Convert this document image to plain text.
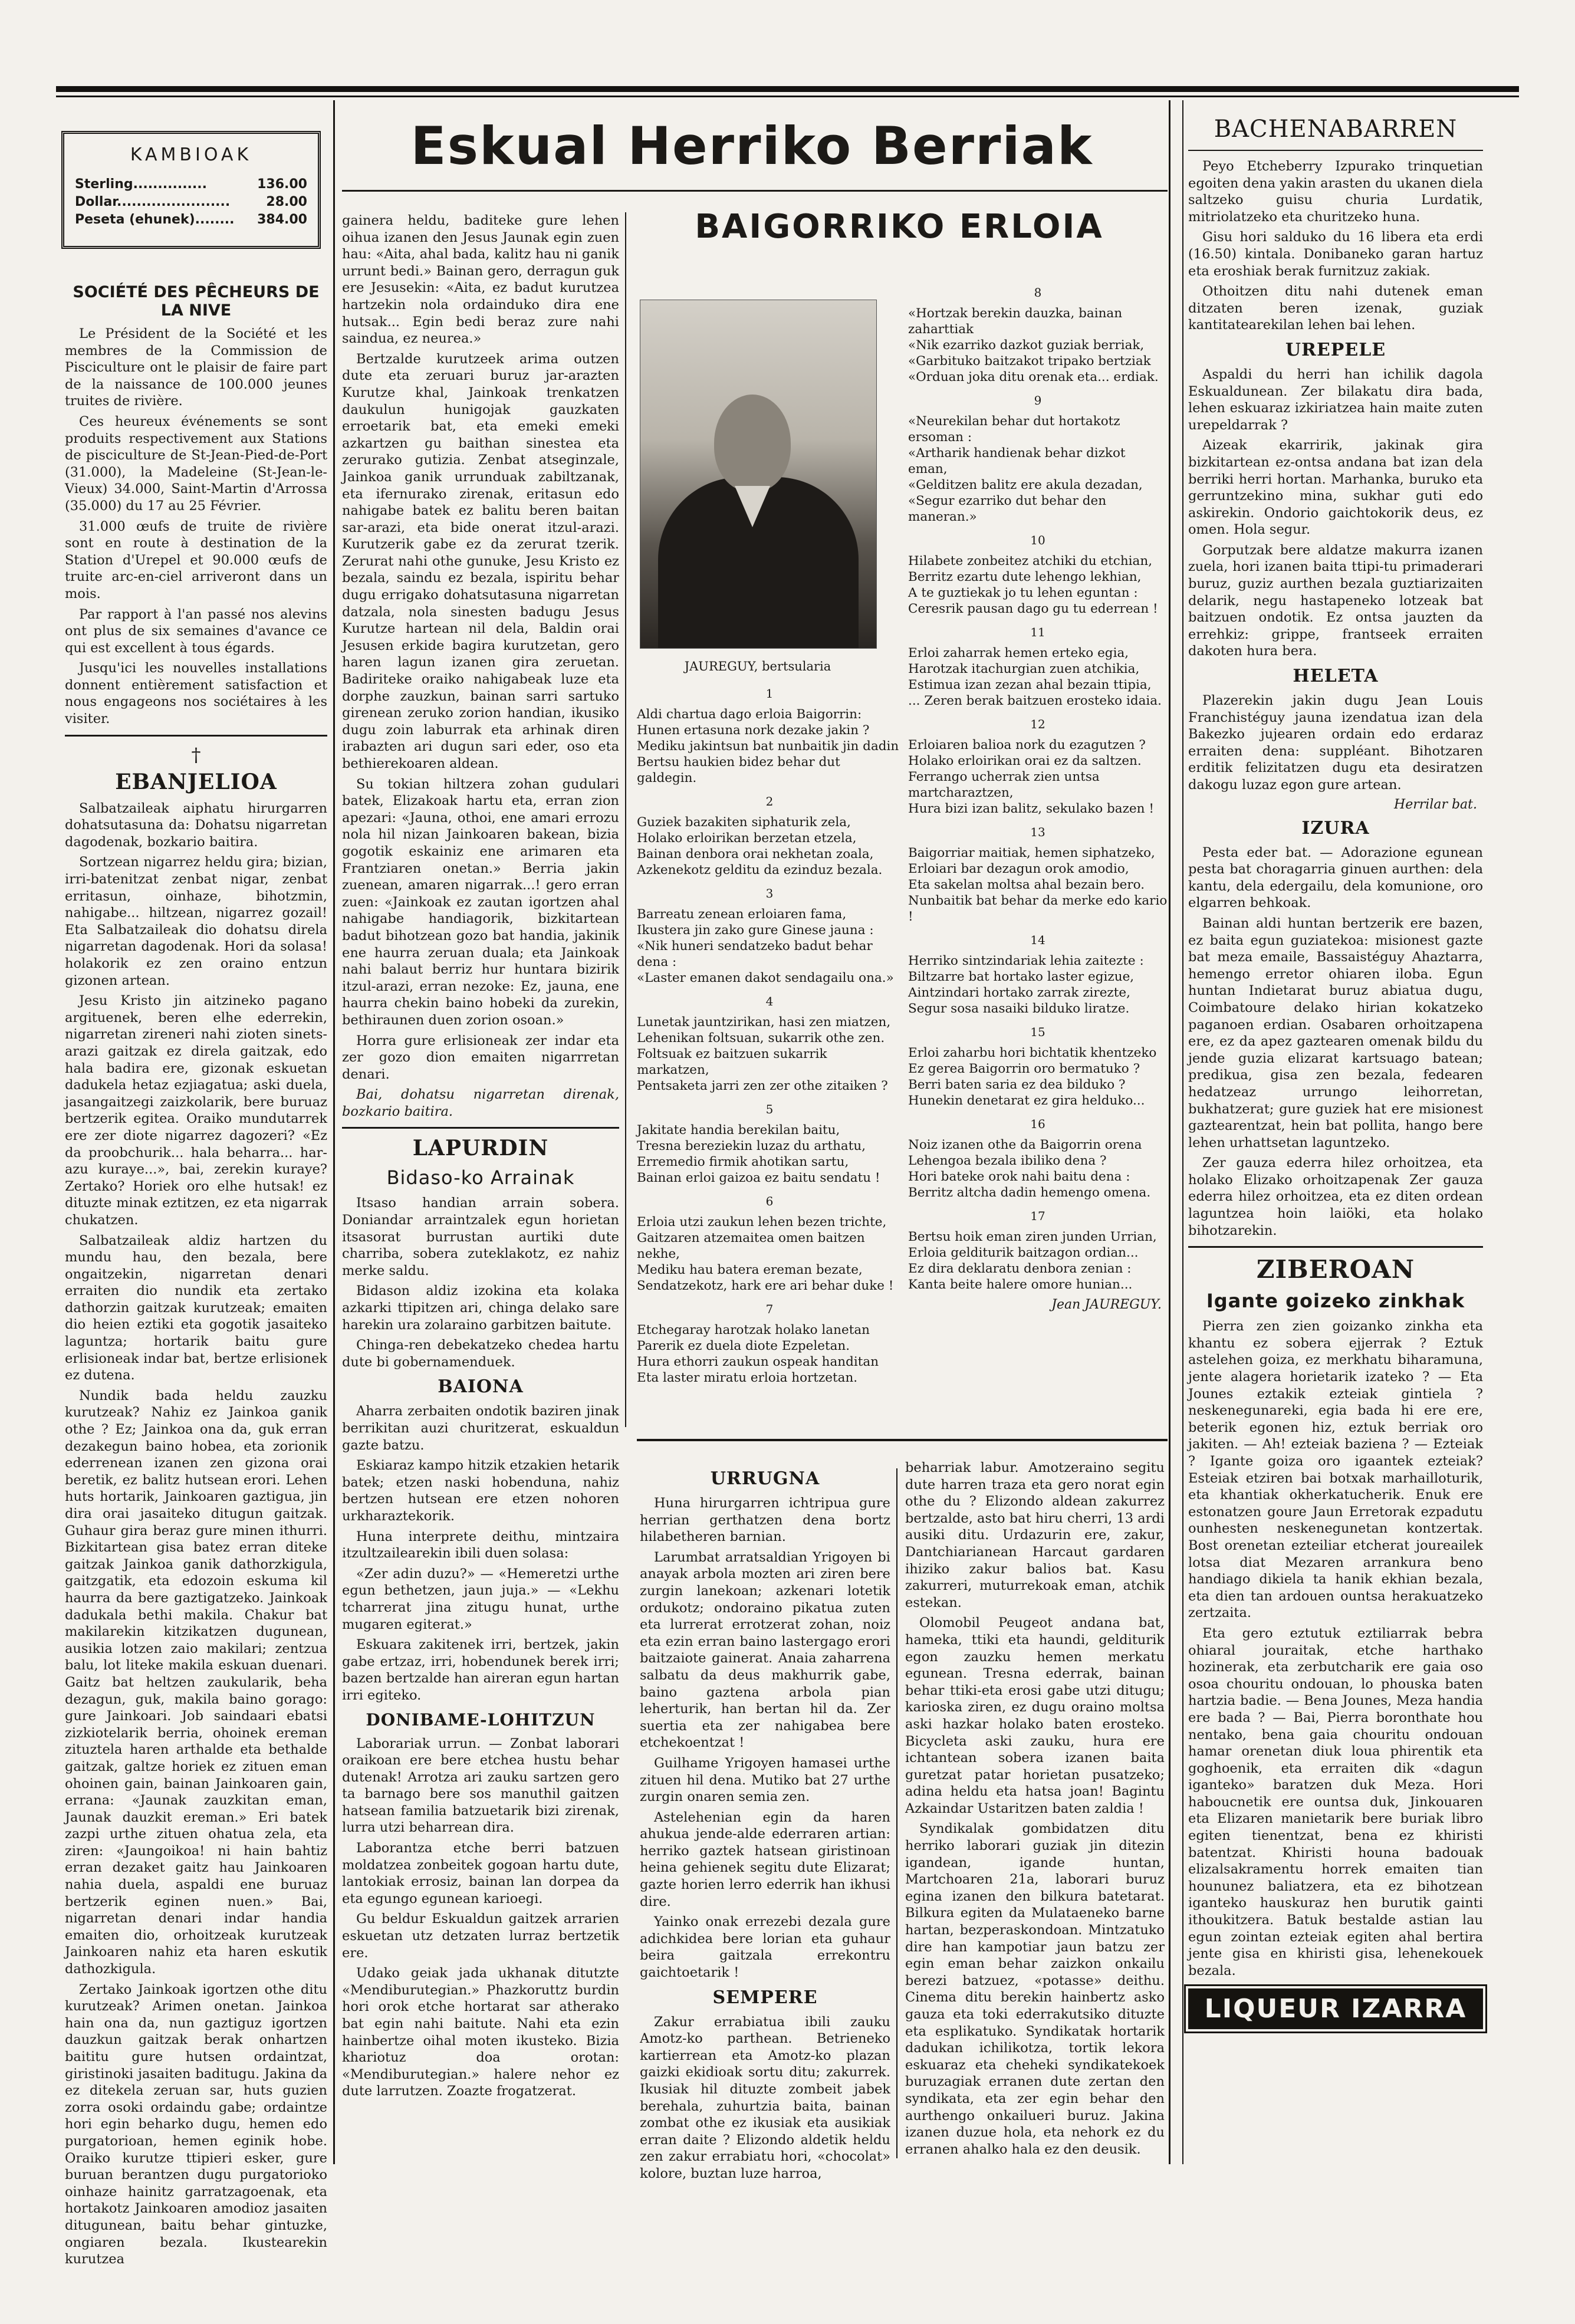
KAMBIOAK
Sterling...............	136.00
Dollar.......................	28.00
Peseta (ehunek)........ 384.00
Eskual Herriko Berriak
SOCIÉTÉ DES PÊCHEURS DE LA NIVE

Le Président de la Société et les membres de la Commission de Pisciculture ont le plaisir de faire part de la naissance de 100.000 jeunes truites de rivière.

Ces heureux événements se sont produits respectivement aux Stations de pisciculture de St-Jean-Pied-de-Port (31.000), la Madeleine (St-Jean-le-Vieux) 34.000, Saint-Martin d'Arrossa (35.000) du 17 au 25 Février.

31.000 œufs de truite de rivière sont en route à destination de la Station d'Urepel et 90.000 œufs de truite arc-en-ciel arriveront dans un mois.

Par rapport à l'an passé nos alevins ont plus de six semaines d'avance ce qui est excellent à tous égards.

Jusqu'ici les nouvelles installations donnent entièrement satisfaction et nous engageons nos sociétaires à les visiter.

†
EBANJELIOA

Salbatzaileak aiphatu hirurgarren dohatsutasuna da: Dohatsu nigarretan dagodenak, bozkario baitira.

Sortzean nigarrez heldu gira; bizian, irri-batenitzat zenbat nigar, zenbat erritasun, oinhaze, bihotzmin, nahigabe... hiltzean, nigarrez gozail! Eta Salbatzaileak dio dohatsu direla nigarretan dagodenak. Hori da solasa! holakorik ez zen oraino entzun gizonen artean.

Jesu Kristo jin aitzineko pagano argituenek, beren elhe ederrekin, nigarretan zireneri nahi zioten sinets-arazi gaitzak ez direla gaitzak, edo hala badira ere, gizonak eskuetan dadukela hetaz ezjiagatua; aski duela, jasangaitzegi zaizkolarik, bere buruaz bertzerik egitea. Oraiko mundutarrek ere zer diote nigarrez dagozeri? «Ez da proobchurik... hala beharra... har-azu kuraye...», bai, zerekin kuraye? Zertako? Horiek oro elhe hutsak! ez dituzte minak eztitzen, ez eta nigarrak chukatzen.

Salbatzaileak aldiz hartzen du mundu hau, den bezala, bere ongaitzekin, nigarretan denari erraiten dio nundik eta zertako dathorzin gaitzak kurutzeak; emaiten dio heien eztiki eta gogotik jasaiteko laguntza; hortarik baitu gure erlisioneak indar bat, bertze erlisionek ez dutena.

Nundik bada heldu zauzku kurutzeak? Nahiz ez Jainkoa ganik othe ? Ez; Jainkoa ona da, guk erran dezakegun baino hobea, eta zorionik ederrenean izanen zen gizona orai beretik, ez balitz hutsean erori. Lehen huts hortarik, Jainkoaren gaztigua, jin dira orai jasaiteko ditugun gaitzak. Guhaur gira beraz gure minen ithurri. Bizkitartean gisa batez erran diteke gaitzak Jainkoa ganik dathorzkigula, gaitzgatik, eta edozoin eskuma kil haurra da bere gaztigatzeko. Jainkoak dadukala bethi makila. Chakur bat makilarekin kitzikatzen dugunean, ausikia lotzen zaio makilari; zentzua balu, lot liteke makila eskuan duenari. Gaitz bat heltzen zaukularik, beha dezagun, guk, makila baino gorago: gure Jainkoari. Job saindaari ebatsi zizkiotelarik berria, ohoinek ereman zituztela haren arthalde eta bethalde gaitzak, galtze horiek ez zituen eman ohoinen gain, bainan Jainkoaren gain, errana: «Jaunak zauzkitan eman, Jaunak dauzkit ereman.» Eri batek zazpi urthe zituen ohatua zela, eta ziren: «Jaungoikoa! ni hain bahtiz erran dezaket gaitz hau Jainkoaren nahia duela, aspaldi ene buruaz bertzerik eginen nuen.» Bai, nigarretan denari indar handia emaiten dio, orhoitzeak kurutzeak Jainkoaren nahiz eta haren eskutik dathozkigula.

Zertako Jainkoak igortzen othe ditu kurutzeak? Arimen onetan. Jainkoa hain ona da, nun gaztiguz igortzen dauzkun gaitzak berak onhartzen baititu gure hutsen ordaintzat, giristinoki jasaiten baditugu. Jakina da ez ditekela zeruan sar, huts guzien zorra osoki ordaindu gabe; ordaintze hori egin beharko dugu, hemen edo purgatorioan, hemen eginik hobe. Oraiko kurutze ttipieri esker, gure buruan berantzen dugu purgatorioko oinhaze hainitz garratzagoenak, eta hortakotz Jainkoaren amodioz jasaiten ditugunean, baitu behar gintuzke, ongiaren bezala. Ikustearekin kurutzea

gainera heldu, baditeke gure lehen oihua izanen den Jesus Jaunak egin zuen hau: «Aita, ahal bada, kalitz hau ni ganik urrunt bedi.» Bainan gero, derragun guk ere Jesusekin: «Aita, ez badut kurutzea hartzekin nola ordainduko dira ene hutsak... Egin bedi beraz zure nahi saindua, ez neurea.»

Bertzalde kurutzeek arima outzen dute eta zeruari buruz jar-arazten Kurutze khal, Jainkoak trenkatzen daukulun hunigojak gauzkaten erroetarik bat, eta emeki emeki azkartzen gu baithan sinestea eta zerurako gutizia. Zenbat atseginzale, Jainkoa ganik urrunduak zabiltzanak, eta ifernurako zirenak, eritasun edo nahigabe batek ez balitu beren baitan sar-arazi, eta bide onerat itzul-arazi. Kurutzerik gabe ez da zerurat tzerik. Zerurat nahi othe gunuke, Jesu Kristo ez bezala, saindu ez bezala, ispiritu behar dugu errigako dohatsutasuna nigarretan datzala, nola sinesten badugu Jesus Kurutze hartean nil dela, Baldin orai Jesusen erkide bagira kurutzetan, gero haren lagun izanen gira zeruetan. Badiriteke oraiko nahigabeak luze eta dorphe zauzkun, bainan sarri sartuko girenean zeruko zorion handian, ikusiko dugu zoin laburrak eta arhinak diren irabazten ari dugun sari eder, oso eta bethierekoaren aldean.

Su tokian hiltzera zohan gudulari batek, Elizakoak hartu eta, erran zion apezari: «Jauna, othoi, ene amari errozu nola hil nizan Jainkoaren bakean, bizia gogotik eskainiz ene arimaren eta Frantziaren onetan.» Berria jakin zuenean, amaren nigarrak...! gero erran zuen: «Jainkoak ez zautan igortzen ahal nahigabe handiagorik, bizkitartean badut bihotzean gozo bat handia, jakinik ene haurra zeruan duala; eta Jainkoak nahi balaut berriz hur huntara bizirik itzul-arazi, erran nezoke: Ez, jauna, ene haurra chekin baino hobeki da zurekin, bethiraunen duen zorion osoan.»

Horra gure erlisioneak zer indar eta zer gozo dion emaiten nigarrretan denari.

Bai, dohatsu nigarretan direnak, bozkario baitira.

LAPURDIN
Bidaso-ko Arrainak

Itsaso handian arrain sobera. Doniandar arraintzalek egun horietan itsasorat burrustan aurtiki dute charriba, sobera zuteklakotz, ez nahiz merke saldu.

Bidason aldiz izokina eta kolaka azkarki ttipitzen ari, chinga delako sare harekin ura zolaraino garbitzen baitute.

Chinga-ren debekatzeko chedea hartu dute bi gobernamenduek.

BAIONA

Aharra zerbaiten ondotik baziren jinak berrikitan auzi churitzerat, eskualdun gazte batzu.

Eskiaraz kampo hitzik etzakien hetarik batek; etzen naski hobenduna, nahiz bertzen hutsean ere etzen nohoren urkharaztekorik.

Huna interprete deithu, mintzaira itzultzailearekin ibili duen solasa:

«Zer adin duzu?» — «Hemeretzi urthe egun bethetzen, jaun juja.» — «Lekhu tcharrerat jina zitugu hunat, urthe mugaren egiterat.»

Eskuara zakitenek irri, bertzek, jakin gabe ertzaz, irri, hobendunek berek irri; bazen bertzalde han aireran egun hartan irri egiteko.

DONIBAME-LOHITZUN

Laborariak urrun. — Zonbat laborari oraikoan ere bere etchea hustu behar dutenak! Arrotza ari zauku sartzen gero ta barnago bere sos manuthil gaitzen hatsean familia batzuetarik bizi zirenak, lurra utzi beharrean dira.

Laborantza etche berri batzuen moldatzea zonbeitek gogoan hartu dute, lantokiak errosiz, bainan lan dorpea da eta egungo egunean karioegi.

Gu beldur Eskualdun gaitzek arrarien eskuetan utz detzaten lurraz bertzetik ere.

Udako geiak jada ukhanak ditutzte «Mendiburutegian.» Phazkoruttz burdin hori orok etche hortarat sar atherako bat egin nahi baitute. Nahi eta ezin hainbertze oihal moten ikusteko. Bizia khariotuz doa orotan: «Mendiburutegian.» halere nehor ez dute larrutzen. Zoazte frogatzerat.

BAIGORRIKO ERLOIA
JAUREGUY, bertsularia
1

Aldi chartua dago erloia Baigorrin:

Hunen ertasuna nork dezake jakin ?

Mediku jakintsun bat nunbaitik jin dadin

Bertsu haukien bidez behar dut galdegin.

2

Guziek bazakiten siphaturik zela,

Holako erloirikan berzetan etzela,

Bainan denbora orai nekhetan zoala,

Azkenekotz gelditu da ezinduz bezala.

3

Barreatu zenean erloiaren fama,

Ikustera jin zako gure Ginese jauna :

«Nik huneri sendatzeko badut behar dena :

«Laster emanen dakot sendagailu ona.»

4

Lunetak jauntzirikan, hasi zen miatzen,

Lehenikan foltsuan, sukarrik othe zen.

Foltsuak ez baitzuen sukarrik markatzen,

Pentsaketa jarri zen zer othe zitaiken ?

5

Jakitate handia berekilan baitu,

Tresna bereziekin luzaz du arthatu,

Erremedio firmik ahotikan sartu,

Bainan erloi gaizoa ez baitu sendatu !

6

Erloia utzi zaukun lehen bezen trichte,

Gaitzaren atzemaitea omen baitzen nekhe,

Mediku hau batera ereman bezate,

Sendatzekotz, hark ere ari behar duke !

7

Etchegaray harotzak holako lanetan

Parerik ez duela diote Ezpeletan.

Hura ethorri zaukun ospeak handitan

Eta laster miratu erloia hortzetan.

8

«Hortzak berekin dauzka, bainan zaharttiak

«Nik ezarriko dazkot guziak berriak,

«Garbituko baitzakot tripako bertziak

«Orduan joka ditu orenak eta... erdiak.

9

«Neurekilan behar dut hortakotz ersoman :

«Artharik handienak behar dizkot eman,

«Gelditzen balitz ere akula dezadan,

«Segur ezarriko dut behar den maneran.»

10

Hilabete zonbeitez atchiki du etchian,

Berritz ezartu dute lehengo lekhian,

A te guztiekak jo tu lehen eguntan :

Ceresrik pausan dago gu tu ederrean !

11

Erloi zaharrak hemen erteko egia,

Harotzak itachurgian zuen atchikia,

Estimua izan zezan ahal bezain ttipia,

... Zeren berak baitzuen erosteko idaia.

12

Erloiaren balioa nork du ezagutzen ?

Holako erloirikan orai ez da saltzen.

Ferrango ucherrak zien untsa martcharaztzen,

Hura bizi izan balitz, sekulako bazen !

13

Baigorriar maitiak, hemen siphatzeko,

Erloiari bar dezagun orok amodio,

Eta sakelan moltsa ahal bezain bero.

Nunbaitik bat behar da merke edo kario !

14

Herriko sintzindariak lehia zaitezte :

Biltzarre bat hortako laster egizue,

Aintzindari hortako zarrak zirezte,

Segur sosa nasaiki bilduko liratze.

15

Erloi zaharbu hori bichtatik khentzeko

Ez gerea Baigorrin oro bermatuko ?

Berri baten saria ez dea bilduko ?

Hunekin denetarat ez gira helduko...

16

Noiz izanen othe da Baigorrin orena

Lehengoa bezala ibiliko dena ?

Hori bateke orok nahi baitu dena :

Berritz altcha dadin hemengo omena.

17

Bertsu hoik eman ziren junden Urrian,

Erloia gelditurik baitzagon ordian...

Ez dira deklaratu denbora zenian :

Kanta beite halere omore hunian...

Jean JAUREGUY.
URRUGNA

Huna hirurgarren ichtripua gure herrian gerthatzen dena bortz hilabetheren barnian.

Larumbat arratsaldian Yrigoyen bi anayak arbola mozten ari ziren bere zurgin lanekoan; azkenari lotetik ordukotz; ondoraino pikatua zuten eta lurrerat errotzerat zohan, noiz eta ezin erran baino lastergago erori baitzaiote gainerat. Anaia zaharrena salbatu da deus makhurrik gabe, baino gaztena arbola pian leherturik, han bertan hil da. Zer suertia eta zer nahigabea bere etchekoentzat !

Guilhame Yrigoyen hamasei urthe zituen hil dena. Mutiko bat 27 urthe zurgin onaren semia zen.

Astelehenian egin da haren ahukua jende-alde ederraren artian: herriko gaztek hatsean giristinoan heina gehienek segitu dute Elizarat; gazte horien lerro ederrik han ikhusi dire.

Yainko onak errezebi dezala gure adichkidea bere lorian eta guhaur beira gaitzala errekontru gaichtoetarik !

SEMPERE

Zakur errabiatua ibili zauku Amotz-ko parthean. Betrieneko kartierrean eta Amotz-ko plazan gaizki ekidioak sortu ditu; zakurrek. Ikusiak hil dituzte zombeit jabek berehala, zuhurtzia baita, bainan zombat othe ez ikusiak eta ausikiak erran daite ? Elizondo aldetik heldu zen zakur errabiatu hori, «chocolat» kolore, buztan luze harroa,

beharriak labur. Amotzeraino segitu dute harren traza eta gero norat egin othe du ? Elizondo aldean zakurrez bertzalde, asto bat hiru cherri, 13 ardi ausiki ditu. Urdazurin ere, zakur, Dantchiarianean Harcaut gardaren ihiziko zakur balios bat. Kasu zakurreri, muturrekoak eman, atchik estekan.

Olomobil Peugeot andana bat, hameka, ttiki eta haundi, gelditurik egon zauzku hemen merkatu egunean. Tresna ederrak, bainan behar ttiki-eta erosi gabe utzi ditugu; karioska ziren, ez dugu oraino moltsa aski hazkar holako baten erosteko. Bicycleta aski zauku, hura ere ichtantean sobera izanen baita guretzat patar horietan pusatzeko; adina heldu eta hatsa joan! Bagintu Azkaindar Ustaritzen baten zaldia !

Syndikalak gombidatzen ditu herriko laborari guziak jin ditezin igandean, igande huntan, Martchoaren 21a, laborari buruz egina izanen den bilkura batetarat. Bilkura egiten da Mulataeneko barne hartan, bezperaskondoan. Mintzatuko dire han kampotiar jaun batzu zer egin eman behar zaizkon onkailu berezi batzuez, «potasse» deithu. Cinema ditu berekin hainbertz asko gauza eta toki ederrakutsiko dituzte eta esplikatuko. Syndikatak hortarik dadukan ichilikotza, tortik lekora eskuaraz eta cheheki syndikatekoek buruzagiak erranen dute zertan den syndikata, eta zer egin behar den aurthengo onkailueri buruz. Jakina izanen duzue hola, eta nehork ez du erranen ahalko hala ez den deusik.

BACHENABARREN

Peyo Etcheberry Izpurako trinquetian egoiten dena yakin arasten du ukanen diela saltzeko guisu churia Lurdatik, mitriolatzeko eta churitzeko huna.

Gisu hori salduko du 16 libera eta erdi (16.50) kintala. Donibaneko garan hartuz eta eroshiak berak furnitzuz zakiak.

Othoitzen ditu nahi dutenek eman ditzaten beren izenak, guziak kantitatearekilan lehen bai lehen.

UREPELE

Aspaldi du herri han ichilik dagola Eskualdunean. Zer bilakatu dira bada, lehen eskuaraz izkiriatzea hain maite zuten urepeldarrak ?

Aizeak ekarririk, jakinak gira bizkitartean ez-ontsa andana bat izan dela berriki herri hortan. Marhanka, buruko eta gerruntzekino mina, sukhar guti edo askirekin. Ondorio gaichtokorik deus, ez omen. Hola segur.

Gorputzak bere aldatze makurra izanen zuela, hori izanen baita ttipi-tu primaderari buruz, guziz aurthen bezala guztiarizaiten delarik, negu hastapeneko lotzeak bat baitzuen ondotik. Ez ontsa jauzten da errehkiz: grippe, frantseek erraiten dakoten hura bera.

HELETA

Plazerekin jakin dugu Jean Louis Franchistéguy jauna izendatua izan dela Bakezko jujearen ordain edo erdaraz erraiten dena: suppléant. Bihotzaren erditik felizitatzen dugu eta desiratzen dakogu luzaz egon gure artean.

Herrilar bat.
IZURA

Pesta eder bat. — Adorazione egunean pesta bat choragarria ginuen aurthen: dela kantu, dela edergailu, dela komunione, oro elgarren behkoak.

Bainan aldi huntan bertzerik ere bazen, ez baita egun guziatekoa: misionest gazte bat meza emaile, Bassaistéguy Ahaztarra, hemengo erretor ohiaren iloba. Egun huntan Indietarat buruz abiatua dugu, Coimbatoure delako hirian kokatzeko paganoen erdian. Osabaren orhoitzapena ere, ez da apez gaztearen omenak bildu du jende guzia elizarat kartsuago batean; predikua, gisa zen bezala, fedearen hedatzeaz urrungo leihorretan, bukhatzerat; gure guziek hat ere misionest gaztearentzat, hein bat pollita, hango bere lehen urhattsetan laguntzeko.

Zer gauza ederra hilez orhoitzea, eta holako Elizako orhoitzapenak Zer gauza ederra hilez orhoitzea, eta ez diten ordean laguntzea hoin laiöki, eta holako bihotzarekin.

ZIBEROAN
Igante goizeko zinkhak

Pierra zen zien goizanko zinkha eta khantu ez sobera ejjerrak ? Eztuk astelehen goiza, ez merkhatu biharamuna, jente alagera horietarik izateko ? — Eta Jounes eztakik ezteiak gintiela ? neskenegunareki, egia bada hi ere ere, beterik egonen hiz, eztuk berriak oro jakiten. — Ah! ezteiak baziena ? — Ezteiak ? Igante goiza oro igaantek ezteiak? Esteiak etziren bai botxak marhailloturik, eta khantiak okherkatucherik. Enuk ere estonatzen goure Jaun Erretorak ezpadutu ounhesten neskenegunetan kontzertak. Bost orenetan ezteiliar etcherat joureailek lotsa diat Mezaren arrankura beno handiago dikiela ta hanik ekhian bezala, eta dien tan ardouen ountsa herakuatzeko zertzaita.

Eta gero eztutuk eztiliarrak bebra ohiaral jouraitak, etche harthako hozinerak, eta zerbutcharik ere gaia oso osoa chouritu ondouan, lo phouska baten hartzia badie. — Bena Jounes, Meza handia ere bada ? — Bai, Pierra boronthate hou nentako, bena gaia chouritu ondouan hamar orenetan diuk loua phirentik eta goghoenik, eta erraiten dik «dagun iganteko» baratzen duk Meza. Hori haboucnetik ere ountsa duk, Jinkouaren eta Elizaren manietarik bere buriak libro egiten tienentzat, bena ez khiristi batentzat. Khiristi houna badouak elizalsakramentu horrek emaiten tian hoununez baliatzera, eta ez bihotzean iganteko hauskuraz hen burutik gainti ithoukitzera. Batuk bestalde astian lau egun zointan ezteiak egiten ahal bertira jente gisa en khiristi gisa, lehenekouek bezala.

LIQUEUR IZARRA
